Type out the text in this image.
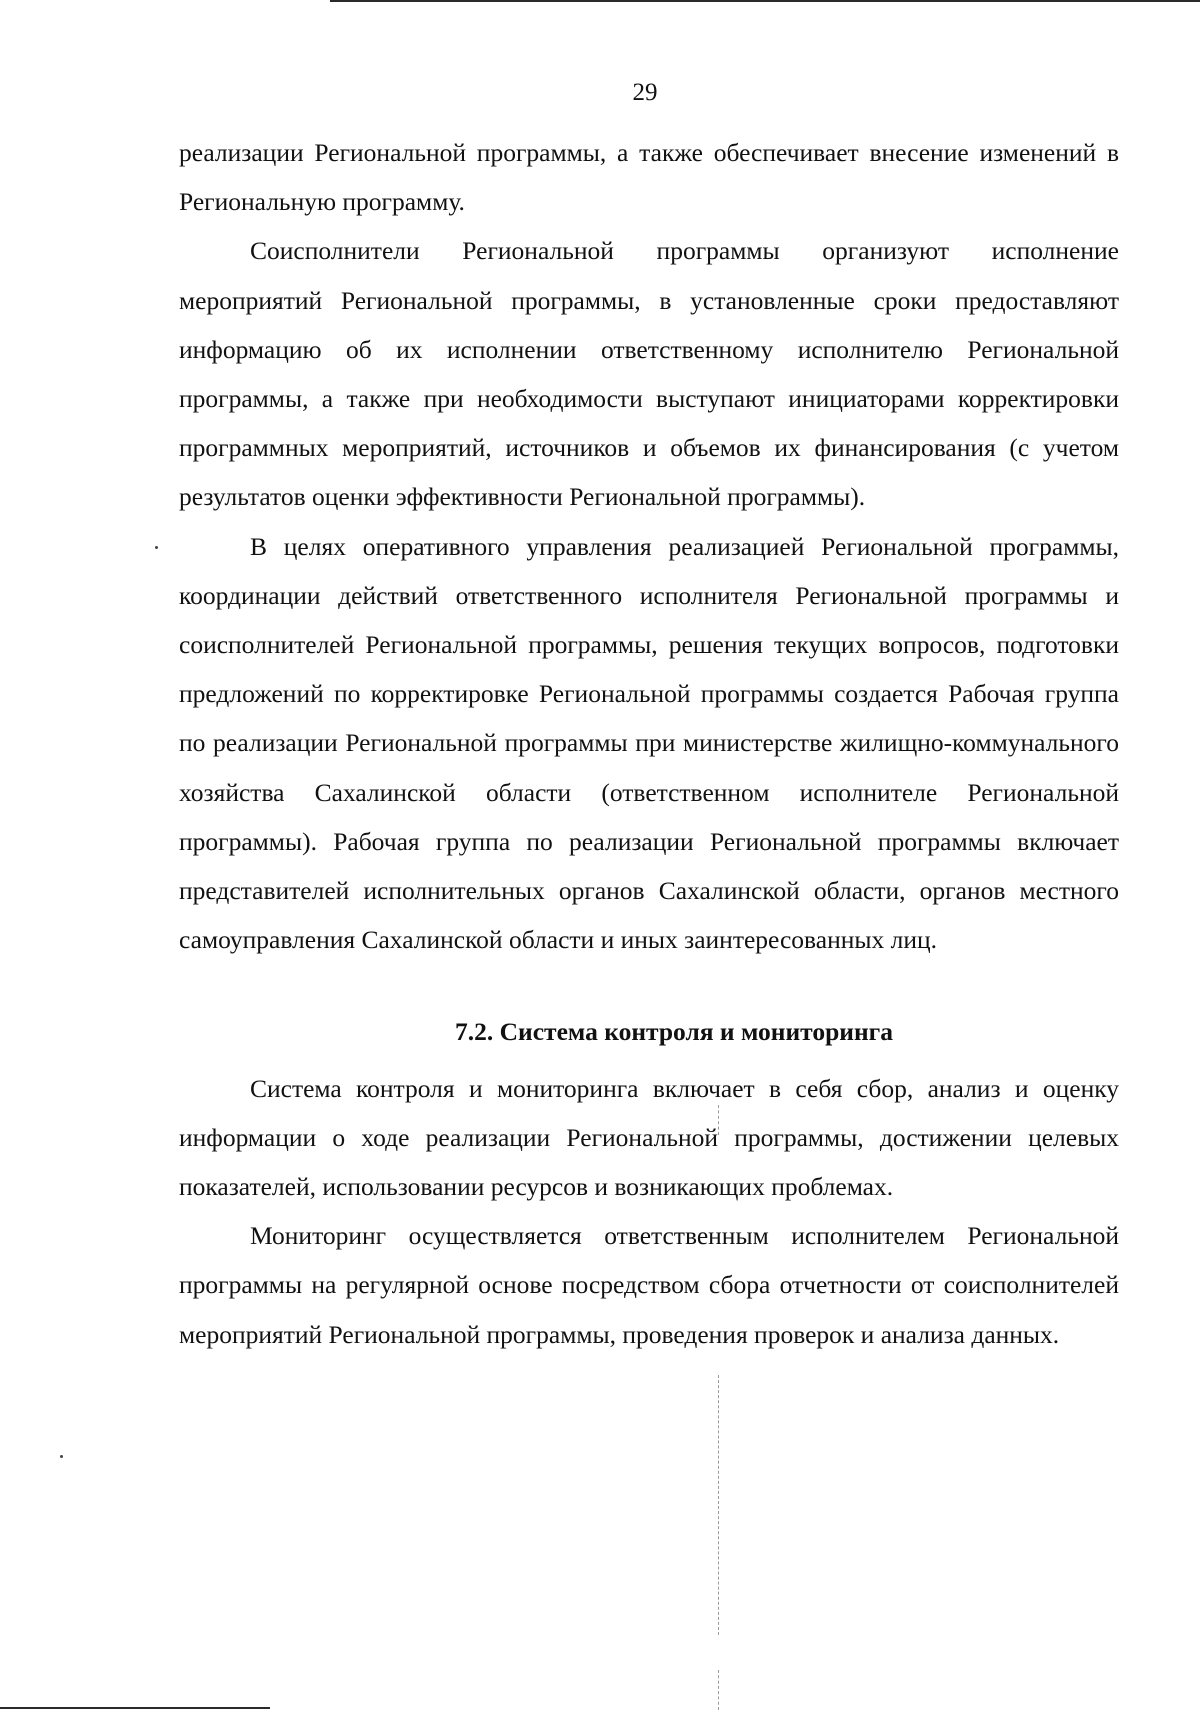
29

реализации Региональной программы, а также обеспечивает внесение изменений в Региональную программу.

Соисполнители Региональной программы организуют исполнение мероприятий Региональной программы, в установленные сроки предоставляют информацию об их исполнении ответственному исполнителю Региональной программы, а также при необходимости выступают инициаторами корректировки программных мероприятий, источников и объемов их финансирования (с учетом результатов оценки эффективности Региональной программы).

В целях оперативного управления реализацией Региональной программы, координации действий ответственного исполнителя Региональной программы и соисполнителей Региональной программы, решения текущих вопросов, подготовки предложений по корректировке Региональной программы создается Рабочая группа по реализации Региональной программы при министерстве жилищно-коммунального хозяйства Сахалинской области (ответственном исполнителе Региональной программы). Рабочая группа по реализации Региональной программы включает представителей исполнительных органов Сахалинской области, органов местного самоуправления Сахалинской области и иных заинтересованных лиц.

7.2. Система контроля и мониторинга

Система контроля и мониторинга включает в себя сбор, анализ и оценку информации о ходе реализации Региональной программы, достижении целевых показателей, использовании ресурсов и возникающих проблемах.

Мониторинг осуществляется ответственным исполнителем Региональной программы на регулярной основе посредством сбора отчетности от соисполнителей мероприятий Региональной программы, проведения проверок и анализа данных.
